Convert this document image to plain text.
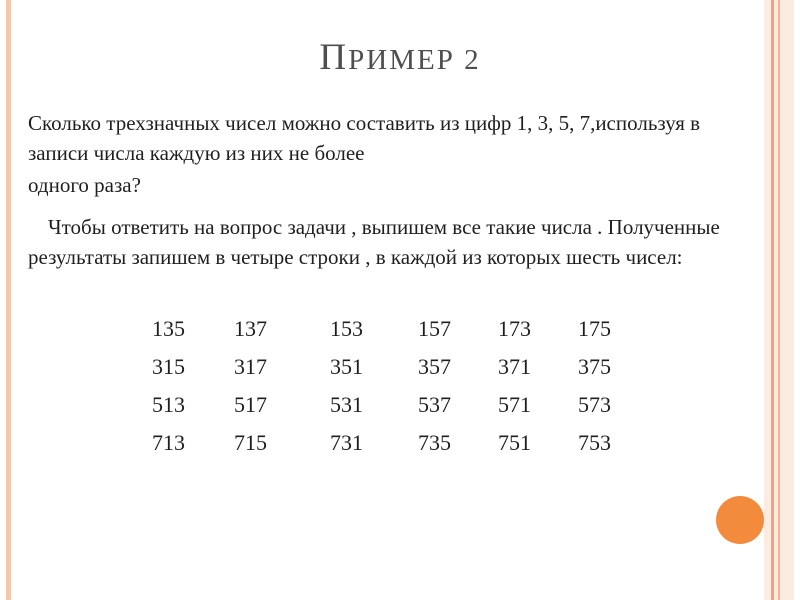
ПРИМЕР 2

Сколько трехзначных чисел можно составить из цифр 1, 3, 5, 7,используя в записи числа каждую из них не более

одного раза?

Чтобы ответить на вопрос задачи , выпишем все такие числа . Полученные результаты запишем в четыре строки , в каждой из которых шесть чисел:

135	137	153	157	173	175
315	317	351	357	371	375
513	517	531	537	571	573
713	715	731	735	751	753
